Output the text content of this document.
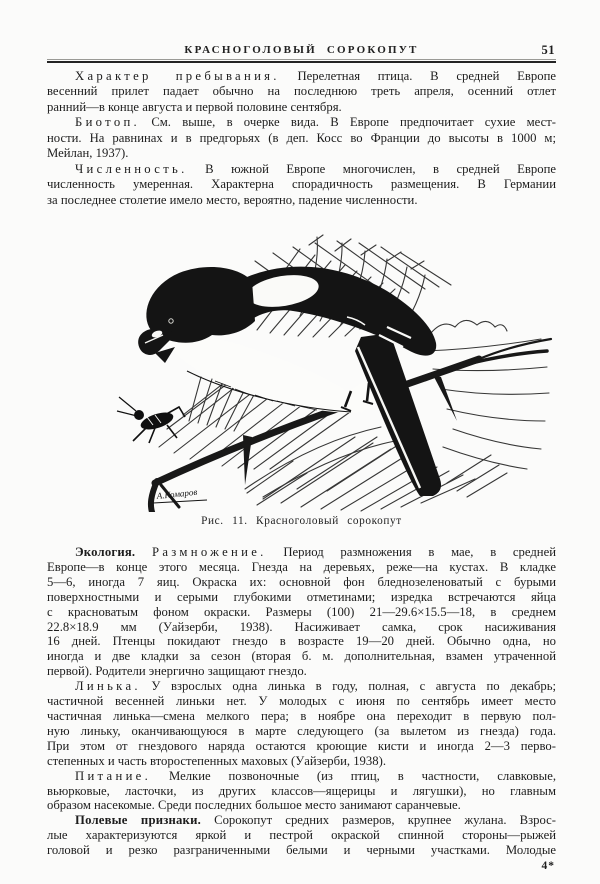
КРАСНОГОЛОВЫЙ СОРОКОПУТ	51

Характер пребывания. Перелетная птица. В средней Европе
весенний прилет падает обычно на последнюю треть апреля, осенний отлет
ранний—в конце августа и первой половине сентября.

Биотоп. См. выше, в очерке вида. В Европе предпочитает сухие мест-
ности. На равнинах и в предгорьях (в деп. Косс во Франции до высоты в 1000 м;
Мейлан, 1937).

Численность. В южной Европе многочислен, в средней Европе
численность умеренная. Характерна спорадичность размещения. В Германии
за последнее столетие имело место, вероятно, падение численности.

А.Комаров
Рис. 11. Красноголовый сорокопут

Экология. Размножение. Период размножения в мае, в средней
Европе—в конце этого месяца. Гнезда на деревьях, реже—на кустах. В кладке
5—6, иногда 7 яиц. Окраска их: основной фон бледнозеленоватый с бурыми
поверхностными и серыми глубокими отметинами; изредка встречаются яйца
с красноватым фоном окраски. Размеры (100) 21—29.6×15.5—18, в среднем
22.8×18.9 мм (Уайзерби, 1938). Насиживает самка, срок насиживания
16 дней. Птенцы покидают гнездо в возрасте 19—20 дней. Обычно одна, но
иногда и две кладки за сезон (вторая б. м. дополнительная, взамен утраченной
первой). Родители энергично защищают гнездо.

Линька. У взрослых одна линька в году, полная, с августа по декабрь;
частичной весенней линьки нет. У молодых с июня по сентябрь имеет место
частичная линька—смена мелкого пера; в ноябре она переходит в первую пол-
ную линьку, оканчивающуюся в марте следующего (за вылетом из гнезда) года.
При этом от гнездового наряда остаются кроющие кисти и иногда 2—3 перво-
степенных и часть второстепенных маховых (Уайзерби, 1938).

Питание. Мелкие позвоночные (из птиц, в частности, славковые,
вьюрковые, ласточки, из других классов—ящерицы и лягушки), но главным
образом насекомые. Среди последних большое место занимают саранчевые.

Полевые признаки. Сорокопут средних размеров, крупнее жулана. Взрос-
лые характеризуются яркой и пестрой окраской спинной стороны—рыжей
головой и резко разграниченными белыми и черными участками. Молодые

4*
